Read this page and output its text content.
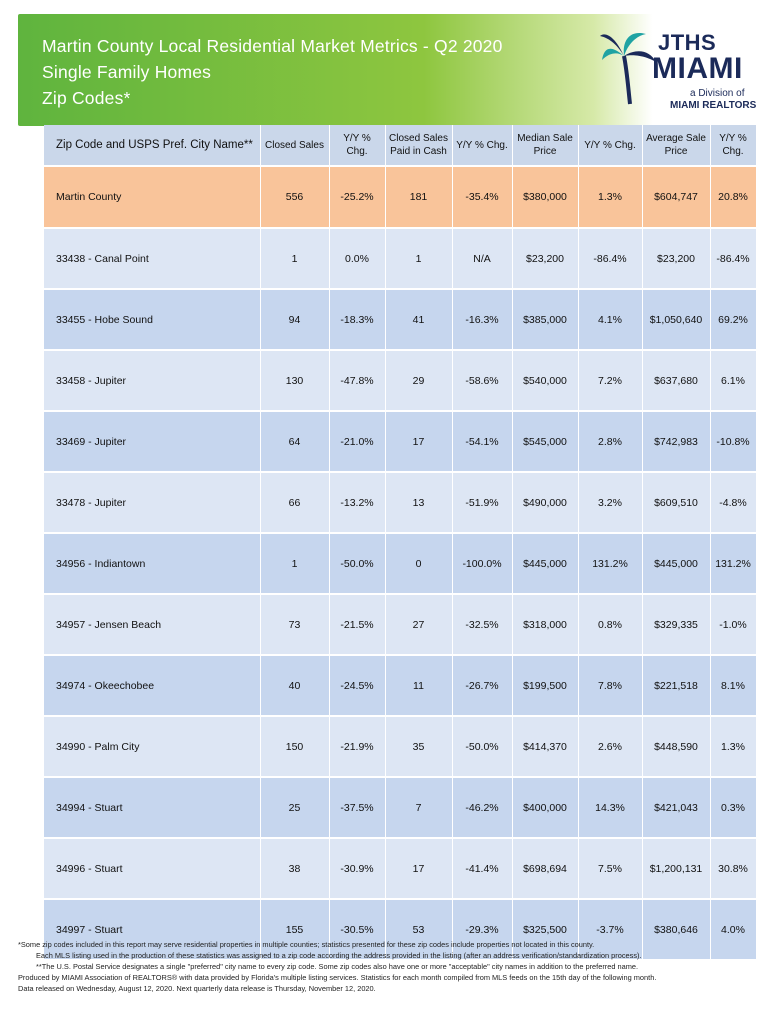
Martin County Local Residential Market Metrics - Q2 2020
Single Family Homes
Zip Codes*
JTHS
MIAMI
a Division of
MIAMI REALTORS
Zip Code and USPS Pref. City Name**	Closed Sales	Y/Y % Chg.	Closed Sales Paid in Cash	Y/Y % Chg.	Median Sale Price	Y/Y % Chg.	Average Sale Price	Y/Y % Chg.
Martin County	556	-25.2%	181	-35.4%	$380,000	1.3%	$604,747	20.8%
33438 - Canal Point	1	0.0%	1	N/A	$23,200	-86.4%	$23,200	-86.4%
33455 - Hobe Sound	94	-18.3%	41	-16.3%	$385,000	4.1%	$1,050,640	69.2%
33458 - Jupiter	130	-47.8%	29	-58.6%	$540,000	7.2%	$637,680	6.1%
33469 - Jupiter	64	-21.0%	17	-54.1%	$545,000	2.8%	$742,983	-10.8%
33478 - Jupiter	66	-13.2%	13	-51.9%	$490,000	3.2%	$609,510	-4.8%
34956 - Indiantown	1	-50.0%	0	-100.0%	$445,000	131.2%	$445,000	131.2%
34957 - Jensen Beach	73	-21.5%	27	-32.5%	$318,000	0.8%	$329,335	-1.0%
34974 - Okeechobee	40	-24.5%	11	-26.7%	$199,500	7.8%	$221,518	8.1%
34990 - Palm City	150	-21.9%	35	-50.0%	$414,370	2.6%	$448,590	1.3%
34994 - Stuart	25	-37.5%	7	-46.2%	$400,000	14.3%	$421,043	0.3%
34996 - Stuart	38	-30.9%	17	-41.4%	$698,694	7.5%	$1,200,131	30.8%
34997 - Stuart	155	-30.5%	53	-29.3%	$325,500	-3.7%	$380,646	4.0%
*Some zip codes included in this report may serve residential properties in multiple counties; statistics presented for these zip codes include properties not located in this county.
Each MLS listing used in the production of these statistics was assigned to a zip code according the address provided in the listing (after an address verification/standardization process).
**The U.S. Postal Service designates a single "preferred" city name to every zip code. Some zip codes also have one or more "acceptable" city names in addition to the preferred name.
Produced by MIAMI Association of REALTORS® with data provided by Florida's multiple listing services. Statistics for each month compiled from MLS feeds on the 15th day of the following month.
Data released on Wednesday, August 12, 2020. Next quarterly data release is Thursday, November 12, 2020.
